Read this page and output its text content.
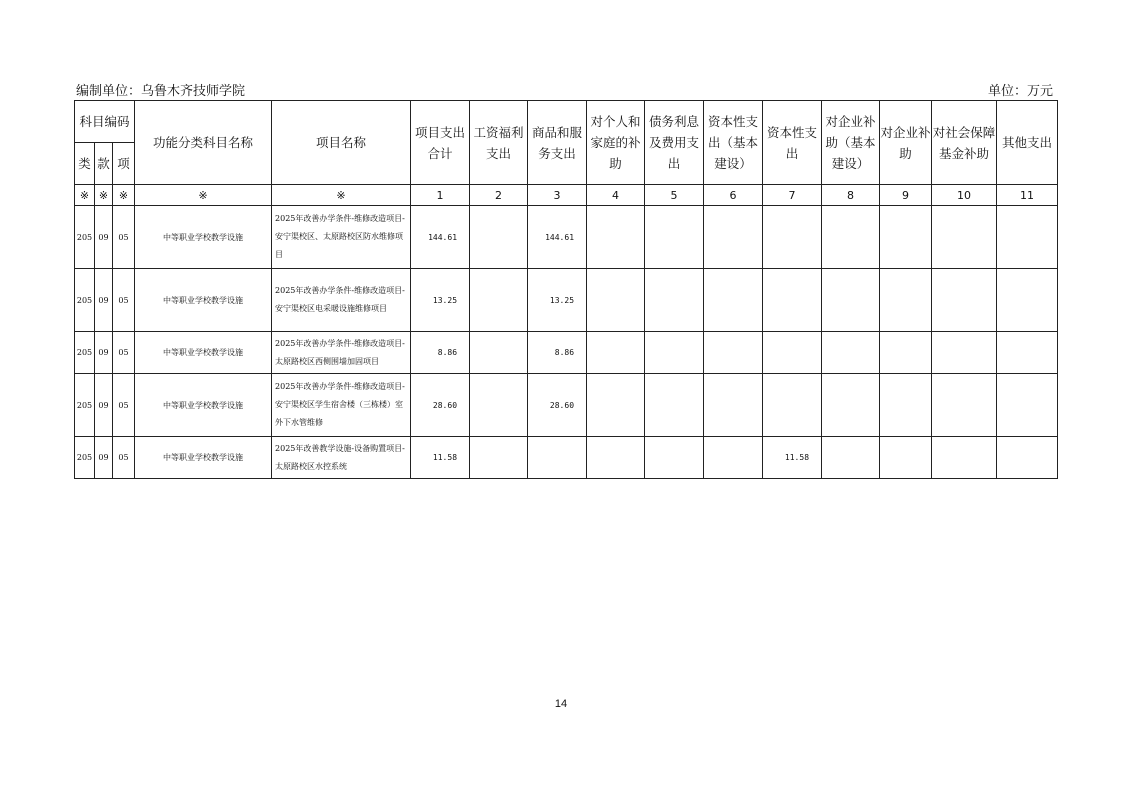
编制单位：乌鲁木齐技师学院	单位：万元
科目编码			功能分类科目名称	项目名称	项目支出合计	工资福利支出	商品和服务支出	对个人和家庭的补助	债务利息及费用支出	资本性支出（基本建设）	资本性支出	对企业补助（基本建设）	对企业补助	对社会保障基金补助	其他支出
类	款	项													
※	※	※	※	※	1	2	3	4	5	6	7	8	9	10	11
205	09	05	中等职业学校教学设施	2025年改善办学条件-维修改造项目-安宁渠校区、太原路校区防水维修项目	144.61		144.61								
205	09	05	中等职业学校教学设施	2025年改善办学条件-维修改造项目-安宁渠校区电采暖设施维修项目	13.25		13.25								
205	09	05	中等职业学校教学设施	2025年改善办学条件-维修改造项目-太原路校区西侧围墙加固项目	8.86		8.86								
205	09	05	中等职业学校教学设施	2025年改善办学条件-维修改造项目-安宁渠校区学生宿舍楼（三栋楼）室外下水管维修	28.60		28.60								
205	09	05	中等职业学校教学设施	2025年改善教学设施-设备购置项目-太原路校区水控系统	11.58						11.58				
14
